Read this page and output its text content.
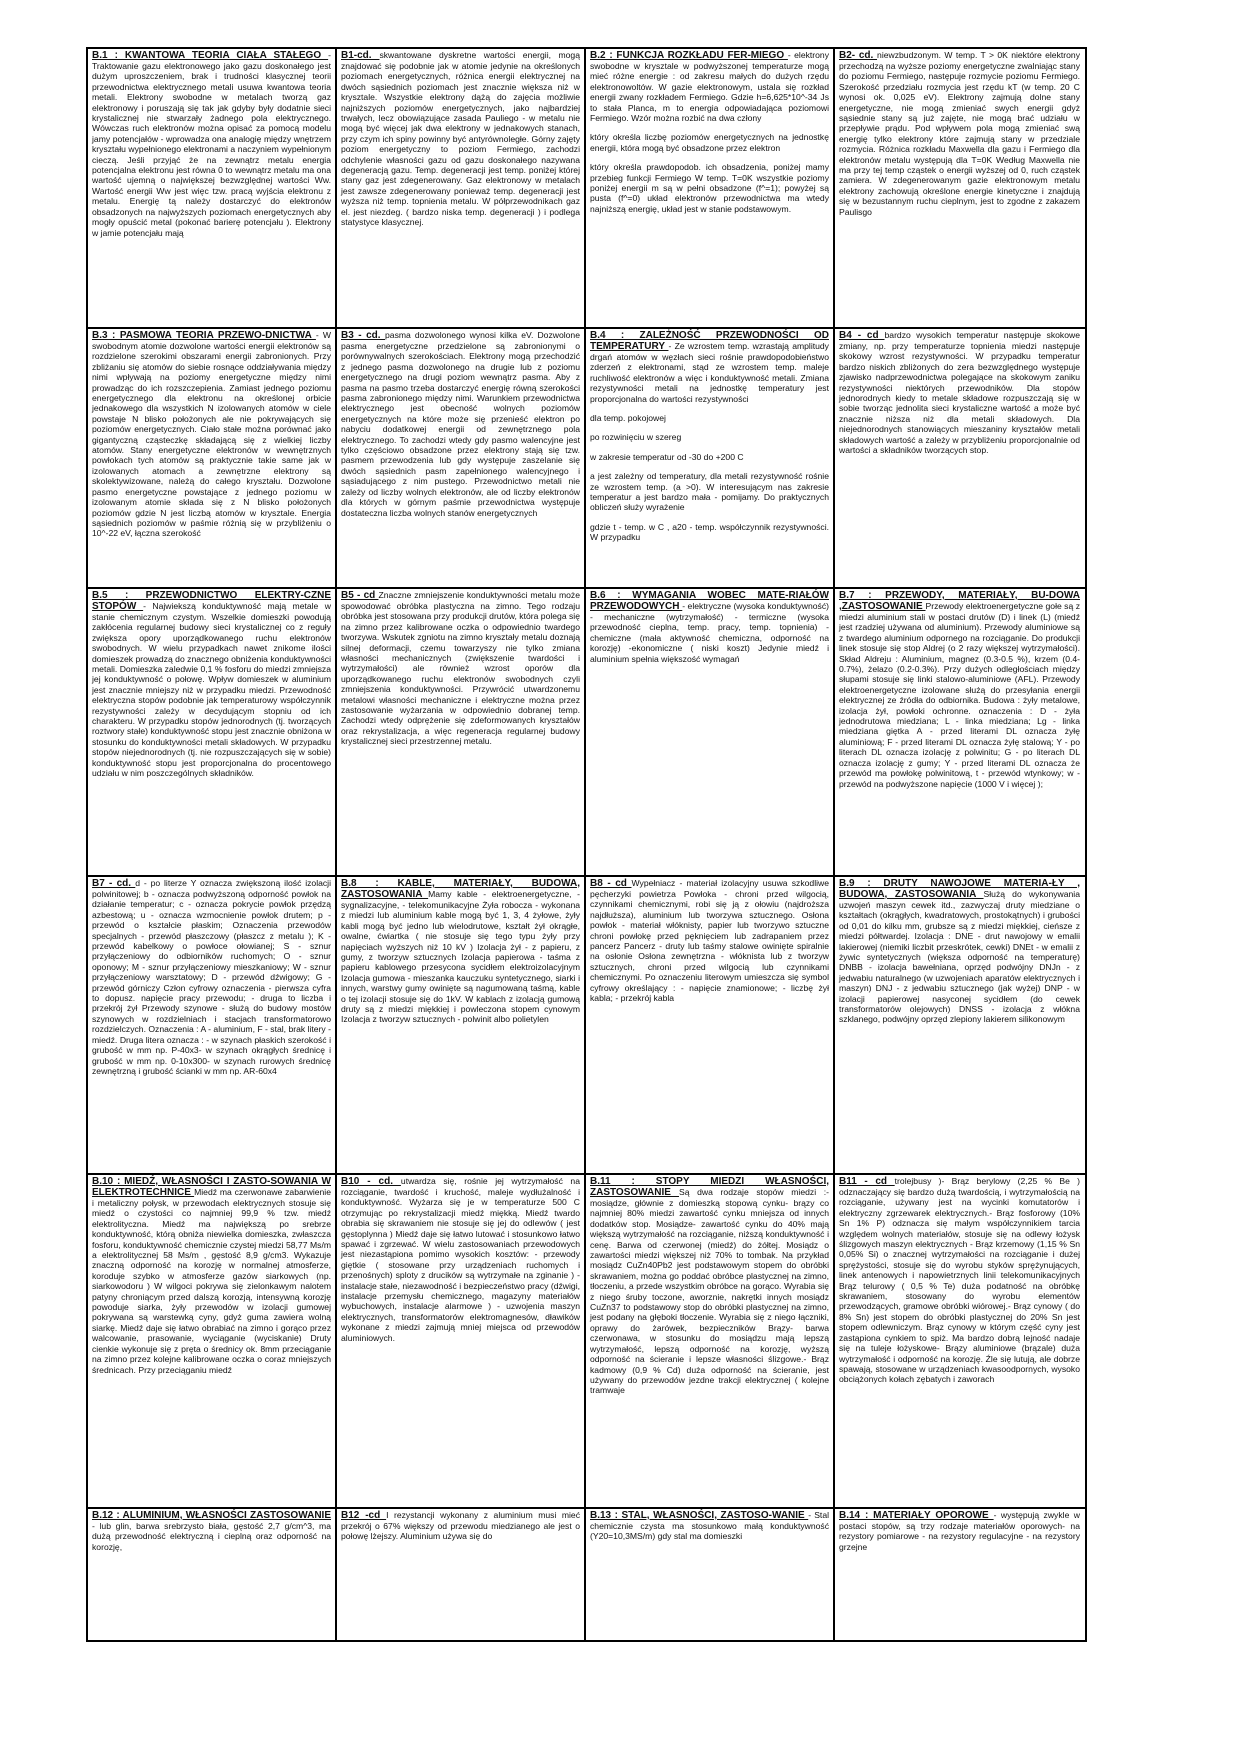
B.1 : KWANTOWA TEORIA CIAŁA STAŁEGO - Traktowanie gazu elektronowego jako gazu doskonałego jest dużym uproszczeniem, brak i trudności klasycznej teorii przewodnictwa elektrycznego metali usuwa kwantowa teoria metali. Elektrony swobodne w metalach tworzą gaz elektronowy i poruszają się tak jak gdyby były dodatnie sieci krystalicznej nie stwarzały żadnego pola elektrycznego. Wówczas ruch elektronów można opisać za pomocą modelu jamy potencjałów - wprowadza ona analogię między wnętrzem kryształu wypełnionego elektronami a naczyniem wypełnionym cieczą. Jeśli przyjąć że na zewnątrz metalu energia potencjalna elektronu jest równa 0 to wewnątrz metalu ma ona wartość ujemną o największej bezwzględnej wartości Ww. Wartość energii Ww jest więc tzw. pracą wyjścia elektronu z metalu. Energię tą należy dostarczyć do elektronów obsadzonych na najwyższych poziomach energetycznych aby mogły opuścić metal (pokonać barierę potencjału ). Elektrony w jamie potencjału mają
B1-cd. skwantowane dyskretne wartości energii, mogą znajdować się podobnie jak w atomie jedynie na określonych poziomach energetycznych, różnica energii elektrycznej na dwóch sąsiednich poziomach jest znacznie większa niż w krysztale. Wszystkie elektrony dążą do zajęcia możliwie najniższych poziomów energetycznych, jako najbardziej trwałych, lecz obowiązujące zasada Pauliego - w metalu nie mogą być więcej jak dwa elektrony w jednakowych stanach, przy czym ich spiny powinny być antyrównoległe. Górny zajęty poziom energetyczny to poziom Fermiego, zachodzi odchylenie własności gazu od gazu doskonałego nazywana degeneracją gazu. Temp. degeneracji jest temp. poniżej której stany gaz jest zdegenerowany. Gaz elektronowy w metalach jest zawsze zdegenerowany ponieważ temp. degeneracji jest wyższa niż temp. topnienia metalu. W półprzewodnikach gaz el. jest niezdeg. ( bardzo niska temp. degeneracji ) i podlega statystyce klasycznej.
B.2 : FUNKCJA ROZKŁADU FER-MIEGO - elektrony swobodne w krysztale w podwyższonej temperaturze mogą mieć różne energie : od zakresu małych do dużych rzędu elektronowoltów. W gazie elektronowym, ustala się rozkład energii zwany rozkładem Fermiego. Gdzie h=6,625*10^-34 Js to stała Planca, m to energia odpowiadająca poziomowi Fermiego. Wzór można rozbić na dwa człony
który określa liczbę poziomów energetycznych na jednostkę energii, która mogą być obsadzone przez elektron
który określa prawdopodob. ich obsadzenia, poniżej mamy przebieg funkcji Fermiego W temp. T=0K wszystkie poziomy poniżej energii m są w pełni obsadzone (f^=1); powyżej są pusta (f^=0) układ elektronów przewodnictwa ma wtedy najniższą energię, układ jest w stanie podstawowym.
B2- cd. niewzbudzonym. W temp. T > 0K niektóre elektrony przechodzą na wyższe poziomy energetyczne zwalniając stany do poziomu Fermiego, następuje rozmycie poziomu Fermiego. Szerokość przedziału rozmycia jest rzędu kT (w temp. 20 C wynosi ok. 0,025 eV). Elektrony zajmują dolne stany energetyczne, nie mogą zmieniać swych energii gdyż sąsiednie stany są już zajęte, nie mogą brać udziału w przepływie prądu. Pod wpływem pola mogą zmieniać swą energię tylko elektrony które zajmują stany w przedziale rozmycia. Różnica rozkładu Maxwella dla gazu i Fermiego dla elektronów metalu występują dla T=0K Według Maxwella nie ma przy tej temp cząstek o energii wyższej od 0, ruch cząstek zamiera. W zdegenerowanym gazie elektronowym metalu elektrony zachowują określone energie kinetyczne i znajdują się w bezustannym ruchu cieplnym, jest to zgodne z zakazem Paulisgo
B.3 : PASMOWA TEORIA PRZEWO-DNICTWA - W swobodnym atomie dozwolone wartości energii elektronów są rozdzielone szerokimi obszarami energii zabronionych. Przy zbliżaniu się atomów do siebie rosnące oddziaływania między nimi wpływają na poziomy energetyczne między nimi prowadząc do ich rozszczepienia. Zamiast jednego poziomu energetycznego dla elektronu na określonej orbicie jednakowego dla wszystkich N izolowanych atomów w ciele powstaje N blisko położonych ale nie pokrywających się poziomów energetycznych. Ciało stałe można porównać jako gigantyczną cząsteczkę składającą się z wielkiej liczby atomów. Stany energetyczne elektronów w wewnętrznych powłokach tych atomów są praktycznie takie same jak w izolowanych atomach a zewnętrzne elektrony są skolektywizowane, należą do całego kryształu. Dozwolone pasmo energetyczne powstające z jednego poziomu w izolowanym atomie składa się z N blisko położonych poziomów gdzie N jest liczbą atomów w krysztale. Energia sąsiednich poziomów w paśmie różnią się w przybliżeniu o 10^-22 eV, łączna szerokość
B3 - cd. pasma dozwolonego wynosi kilka eV. Dozwolone pasma energetyczne przedzielone są zabronionymi o porównywalnych szerokościach. Elektrony mogą przechodzić z jednego pasma dozwolonego na drugie lub z poziomu energetycznego na drugi poziom wewnątrz pasma. Aby z pasma na pasmo trzeba dostarczyć energię równą szerokości pasma zabronionego między nimi. Warunkiem przewodnictwa elektrycznego jest obecność wolnych poziomów energetycznych na które może się przenieść elektron po nabyciu dodatkowej energii od zewnętrznego pola elektrycznego. To zachodzi wtedy gdy pasmo walencyjne jest tylko częściowo obsadzone przez elektrony stają się tzw. pasmem przewodzenia lub gdy występuje zaszelanie się dwóch sąsiednich pasm zapełnionego walencyjnego i sąsiadującego z nim pustego. Przewodnictwo metali nie zależy od liczby wolnych elektronów, ale od liczby elektronów dla których w górnym paśmie przewodnictwa występuje dostateczna liczba wolnych stanów energetycznych
B.4 : ZALEŻNOŚĆ PRZEWODNOŚCI OD TEMPERATURY - Ze wzrostem temp. wzrastają amplitudy drgań atomów w węzłach sieci rośnie prawdopodobieństwo zderzeń z elektronami, stąd ze wzrostem temp. maleje ruchliwość elektronów a więc i konduktywność metali. Zmiana rezystywności metali na jednostkę temperatury jest proporcjonalna do wartości rezystywności
dla temp. pokojowej
po rozwinięciu w szereg
w zakresie temperatur od -30 do +200 C
a jest zależny od temperatury, dla metali rezystywność rośnie ze wzrostem temp. (a >0). W interesującym nas zakresie temperatur a jest bardzo mała - pomijamy. Do praktycznych obliczeń służy wyrażenie
gdzie t - temp. w C , a20 - temp. współczynnik rezystywności. W przypadku
B4 - cd bardzo wysokich temperatur następuje skokowe zmiany, np. przy temperaturze topnienia miedzi następuje skokowy wzrost rezystywności. W przypadku temperatur bardzo niskich zbliżonych do zera bezwzględnego występuje zjawisko nadprzewodnictwa polegające na skokowym zaniku rezystywności niektórych przewodników. Dla stopów jednorodnych kiedy to metale składowe rozpuszczają się w sobie tworząc jednolita sieci krystaliczne wartość a może być znacznie niższa niż dla metali składowych. Dla niejednorodnych stanowiących mieszaniny kryształów metali składowych wartość a zależy w przybliżeniu proporcjonalnie od wartości a składników tworzących stop.
B.5 : PRZEWODNICTWO ELEKTRY-CZNE STOPÓW - Najwiekszą konduktywność mają metale w stanie chemicznym czystym. Wszelkie domieszki powodują zakłócenia regularnej budowy sieci krystalicznej co z reguły zwiększa opory uporządkowanego ruchu elektronów swobodnych. W wielu przypadkach nawet znikome ilości domieszek prowadzą do znacznego obniżenia konduktywności metali. Domieszka zaledwie 0,1 % fosforu do miedzi zmniejsza jej konduktywność o połowę. Wpływ domieszek w aluminium jest znacznie mniejszy niż w przypadku miedzi. Przewodność elektryczna stopów podobnie jak temperaturowy współczynnik rezystywności zależy w decydującym stopniu od ich charakteru. W przypadku stopów jednorodnych (tj. tworzących roztwory stałe) konduktywność stopu jest znacznie obniżona w stosunku do konduktywności metali składowych. W przypadku stopów niejednorodnych (tj. nie rozpuszczających się w sobie) konduktywność stopu jest proporcjonalna do procentowego udziału w nim poszczególnych składników.
B5 - cd Znaczne zmniejszenie konduktywności metalu może spowodować obróbka plastyczna na zimno. Tego rodzaju obróbka jest stosowana przy produkcji drutów, która polega się na zimno przez kalibrowane oczka o odpowiednio twardego tworzywa. Wskutek zgniotu na zimno kryształy metalu doznają silnej deformacji, czemu towarzyszy nie tylko zmiana własności mechanicznych (zwiększenie twardości i wytrzymałości) ale również wzrost oporów dla uporządkowanego ruchu elektronów swobodnych czyli zmniejszenia konduktywności. Przywrócić utwardzonemu metalowi własności mechaniczne i elektryczne można przez zastosowanie wyżarzania w odpowiednio dobranej temp. Zachodzi wtedy odprężenie się zdeformowanych kryształów oraz rekrystalizacja, a więc regeneracja regularnej budowy krystalicznej sieci przestrzennej metalu.
B.6 : WYMAGANIA WOBEC MATE-RIAŁÓW PRZEWODOWYCH - elektryczne (wysoka konduktywność) - mechaniczne (wytrzymałość) - termiczne (wysoka przewodność cieplna, temp. pracy, temp. topnienia) - chemiczne (mała aktywność chemiczna, odporność na korozję) -ekonomiczne ( niski koszt) Jedynie miedź i aluminium spełnia większość wymagań
B.7 : PRZEWODY, MATERIAŁY, BU-DOWA ,ZASTOSOWANIE Przewody elektroenergetyczne gołe są z miedzi aluminium stali w postaci drutów (D) i linek (L) (miedź jest rzadziej używana od aluminium). Przewody aluminiowe są z twardego aluminium odpornego na rozciąganie. Do produkcji linek stosuje się stop Aldrej (o 2 razy większej wytrzymałości). Skład Aldreju : Aluminium, magnez (0.3-0.5 %), krzem (0.4-0.7%), żelazo (0.2-0.3%). Przy dużych odległościach między słupami stosuje się linki stalowo-aluminiowe (AFL). Przewody elektroenergetyczne izolowane służą do przesyłania energii elektrycznej ze źródła do odbiornika. Budowa : żyły metalowe, izolacja żył, powłoki ochronne. oznaczenia : D - żyła jednodrutowa miedziana; L - linka miedziana; Lg - linka miedziana giętka A - przed literami DL oznacza żyłę aluminiową; F - przed literami DL oznacza żyłę stalową; Y - po literach DL oznacza izolację z polwinitu; G - po literach DL oznacza izolację z gumy; Y - przed literami DL oznacza że przewód ma powłokę polwinitową, t - przewód wtynkowy; w - przewód na podwyższone napięcie (1000 V i więcej );
B7 - cd. d - po literze Y oznacza zwiększoną ilość izolacji polwinitowej; b - oznacza podwyższoną odporność powłok na działanie temperatur; c - oznacza pokrycie powłok przędzą azbestową; u - oznacza wzmocnienie powłok drutem; p - przewód o kształcie płaskim; Oznaczenia przewodów specjalnych - przewód płaszczowy (płaszcz z metalu ); K - przewód kabelkowy o powłoce ołowianej; S - sznur przyłączeniowy do odbiorników ruchomych; O - sznur oponowy; M - sznur przyłączeniowy mieszkaniowy; W - sznur przyłączeniowy warsztatowy; D - przewód dźwigowy; G - przewód górniczy Człon cyfrowy oznaczenia - pierwsza cyfra to dopusz. napięcie pracy przewodu; - druga to liczba i przekrój żył Przewody szynowe - służą do budowy mostów szynowych w rozdzielniach i stacjach transformatorowo rozdzielczych. Oznaczenia : A - aluminium, F - stal, brak litery - miedź. Druga litera oznacza : - w szynach płaskich szerokość i grubość w mm np. P-40x3- w szynach okrągłych średnicę i grubość w mm np. 0-10x300- w szynach rurowych średnicę zewnętrzną i grubość ścianki w mm np. AR-60x4
B.8 : KABLE, MATERIAŁY, BUDOWA, ZASTOSOWANIA Mamy kable - elektroenergetyczne, - sygnalizacyjne, - telekomunikacyjne Żyła robocza - wykonana z miedzi lub aluminium kable mogą być 1, 3, 4 żyłowe, żyły kabli mogą być jedno lub wielodrutowe, kształt żył okrągłe, owalne, ćwiartka ( nie stosuje się tego typu żyły przy napięciach wyższych niż 10 kV ) Izolacja żył - z papieru, z gumy, z tworzyw sztucznych Izolacja papierowa - taśma z papieru kablowego przesycona sycidłem elektroizolacyjnym Izolacja gumowa - mieszanka kauczuku syntetycznego, siarki i innych, warstwy gumy owinięte są nagumowaną taśmą, kable o tej izolacji stosuje się do 1kV. W kablach z izolacją gumową druty są z miedzi miękkiej i powleczona stopem cynowym Izolacja z tworzyw sztucznych - polwinit albo polietylen
B8 - cd Wypełniacz - materiał izolacyjny usuwa szkodliwe pęcherzyki powietrza Powłoka - chroni przed wilgocią, czynnikami chemicznymi, robi się ją z ołowiu (najdroższa najdłuższa), aluminium lub tworzywa sztucznego. Osłona powłok - materiał włóknisty, papier lub tworzywo sztuczne chroni powłokę przed pęknięciem lub zadrapaniem przez pancerz Pancerz - druty lub taśmy stalowe owinięte spiralnie na osłonie Osłona zewnętrzna - włóknista lub z tworzyw sztucznych, chroni przed wilgocią lub czynnikami chemicznymi. Po oznaczeniu literowym umieszcza się symbol cyfrowy określający : - napięcie znamionowe; - liczbę żył kabla; - przekrój kabla
B.9 : DRUTY NAWOJOWE MATERIA-ŁY , BUDOWA, ZASTOSOWANIA Służą do wykonywania uzwojeń maszyn cewek itd., zazwyczaj druty miedziane o kształtach (okrągłych, kwadratowych, prostokątnych) i grubości od 0,01 do kilku mm, grubsze są z miedzi miękkiej, cieńsze z miedzi półtwardej. Izolacja : DNE - drut nawojowy w emalii lakierowej (niemiki liczbit przeskrótek, cewki) DNEt - w emalii z żywic syntetycznych (większa odporność na temperaturę) DNBB - izolacja bawełniana, oprzęd podwójny DNJn - z jedwabiu naturalnego (w uzwojeniach aparatów elektrycznych i maszyn) DNJ - z jedwabiu sztucznego (jak wyżej) DNP - w izolacji papierowej nasyconej sycidłem (do cewek transformatorów olejowych) DNSS - izolacja z włókna szklanego, podwójny oprzęd zlepiony lakierem silikonowym
B.10 : MIEDŹ, WŁASNOŚCI I ZASTO-SOWANIA W ELEKTROTECHNICE Miedź ma czerwonawe zabarwienie i metaliczny połysk, w przewodach elektrycznych stosuje się miedź o czystości co najmniej 99,9 % tzw. miedź elektrolityczna. Miedź ma największą po srebrze konduktywność, którą obniża niewielka domieszka, zwłaszcza fosforu, konduktywność chemicznie czystej miedzi 58,77 Ms/m a elektrolitycznej 58 Ms/m , gęstość 8,9 g/cm3. Wykazuje znaczną odporność na korozję w normalnej atmosferze, koroduje szybko w atmosferze gazów siarkowych (np. siarkowodoru ) W wilgoci pokrywa się zielonkawym nalotem patyny chroniącym przed dalszą korozją, intensywną korozję powoduje siarka, żyły przewodów w izolacji gumowej pokrywana są warstewką cyny, gdyż guma zawiera wolną siarkę. Miedź daje się łatwo obrabiać na zimno i gorąco przez walcowanie, prasowanie, wyciąganie (wyciskanie) Druty cienkie wykonuje się z pręta o średnicy ok. 8mm przeciąganie na zimno przez kolejne kalibrowane oczka o coraz mniejszych średnicach. Przy przeciąganiu miedź
B10 - cd. utwardza się, rośnie jej wytrzymałość na rozciąganie, twardość i kruchość, maleje wydłużalność i konduktywność. Wyżarza się je w temperaturze 500 C otrzymując po rekrystalizacji miedź miękką. Miedź twardo obrabia się skrawaniem nie stosuje się jej do odlewów ( jest gęstoplynna ) Miedź daje się łatwo lutować i stosunkowo łatwo spawać i zgrzewać. W wielu zastosowaniach przewodowych jest niezastąpiona pomimo wysokich kosztów: - przewody giętkie ( stosowane przy urządzeniach ruchomych i przenośnych) sploty z drucików są wytrzymałe na zginanie ) - instalacje stałe, niezawodność i bezpieczeństwo pracy (dźwigi, instalacje przemysłu chemicznego, magazyny materiałów wybuchowych, instalacje alarmowe ) - uzwojenia maszyn elektrycznych, transformatorów elektromagnesów, dławików wykonane z miedzi zajmują mniej miejsca od przewodów aluminiowych.
B.11 : STOPY MIEDZI WŁASNOŚCI, ZASTOSOWANIE Są dwa rodzaje stopów miedzi :- mosiądze, głównie z domieszką stopową cynku- brązy co najmniej 80% miedzi zawartość cynku mniejsza od innych dodatków stop. Mosiądze- zawartość cynku do 40% mają większą wytrzymałość na rozciąganie, niższą konduktywność i cenę. Barwa od czerwonej (miedź) do żółtej. Mosiądz o zawartości miedzi większej niż 70% to tombak. Na przykład mosiądz CuZn40Pb2 jest podstawowym stopem do obróbki skrawaniem, można go poddać obróbce plastycznej na zimno, tłoczeniu, a przede wszystkim obróbce na gorąco. Wyrabia się z niego śruby toczone, aworznie, nakrętki innych mosiądz CuZn37 to podstawowy stop do obróbki plastycznej na zimno, jest podany na głęboki tłoczenie. Wyrabia się z niego łączniki, oprawy do żarówek, bezpieczników Brązy- barwa czerwonawa, w stosunku do mosiądzu mają lepszą wytrzymałość, lepszą odporność na korozję, wyższą odporność na ścieranie i lepsze własności ślizgowe.- Brąz kadmowy (0,9 % Cd) duża odporność na ścieranie, jest używany do przewodów jezdne trakcji elektrycznej ( kolejne tramwaje
B11 - cd trolejbusy )- Brąz berylowy (2,25 % Be ) odznaczający się bardzo dużą twardością, i wytrzymałością na rozciąganie, używany jest na wycinki komutatorów i elektryczny zgrzewarek elektrycznych.- Brąz fosforowy (10% Sn 1% P) odznacza się małym współczynnikiem tarcia względem wolnych materiałów, stosuje się na odlewy łożysk ślizgowych maszyn elektrycznych - Brąz krzemowy (1,15 % Sn 0,05% Si) o znacznej wytrzymałości na rozciąganie i dużej sprężystości, stosuje się do wyrobu styków sprężynujących, linek antenowych i napowietrznych linii telekomunikacyjnych Brąz telurowy ( 0,5 % Te) duża podatność na obróbkę skrawaniem, stosowany do wyrobu elementów przewodzących, gramowe obróbki wiórowej.- Brąz cynowy ( do 8% Sn) jest stopem do obróbki plastycznej do 20% Sn jest stopem odlewniczym. Brąz cynowy w którym część cyny jest zastąpiona cynkiem to spiż. Ma bardzo dobrą lejność nadaje się na tuleje łożyskowe- Brązy aluminiowe (brązale) duża wytrzymałość i odporność na korozję. Źle się lutują, ale dobrze spawają, stosowane w urządzeniach kwasoodpornych, wysoko obciążonych kołach zębatych i zaworach
B.12 : ALUMINIUM, WŁASNOŚCI ZASTOSOWANIE - lub glin, barwa srebrzysto biała, gęstość 2,7 g/cm^3, ma dużą przewodność elektryczną i cieplną oraz odporność na korozję,
B12 -cd I rezystancji wykonany z aluminium musi mieć przekrój o 67% większy od przewodu miedzianego ale jest o połowę lżejszy. Aluminium używa się do
B.13 : STAL, WŁASNOŚCI, ZASTOSO-WANIE - Stal chemicznie czysta ma stosunkowo małą konduktywność (Y20=10,3MS/m) gdy stal ma domieszki
B.14 : MATERIAŁY OPOROWE - występują zwykle w postaci stopów, są trzy rodzaje materiałów oporowych- na rezystory pomiarowe - na rezystory regulacyjne - na rezystory grzejne
